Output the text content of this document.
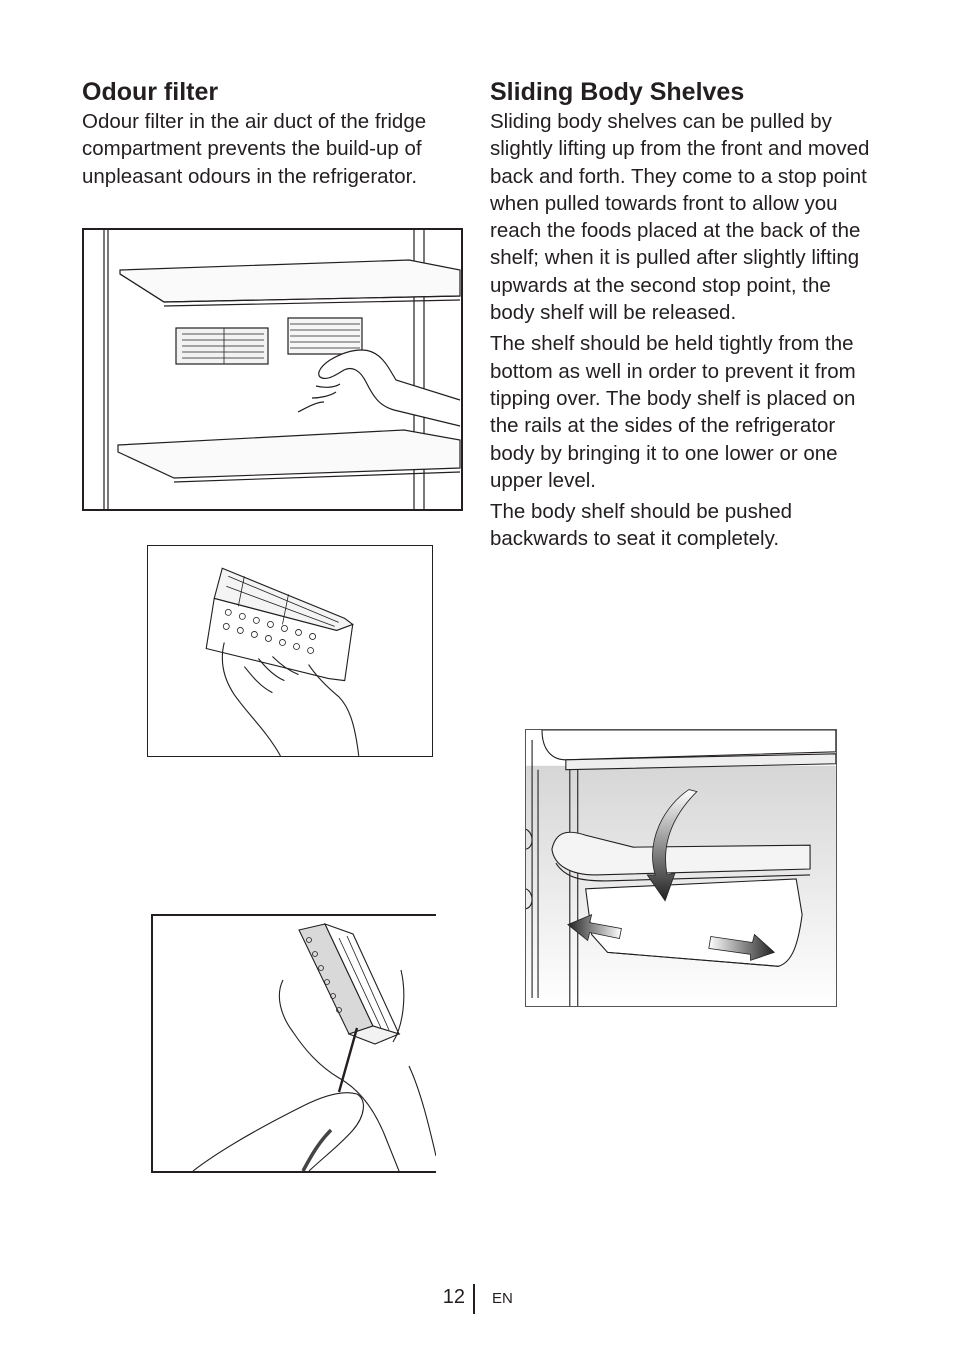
Odour filter

Odour filter in the air duct of the fridge compartment prevents the build-up of unpleasant odours in the refrigerator.

Sliding Body Shelves

Sliding body shelves can be pulled by slightly lifting up from the front and moved back and forth. They come to a stop point when pulled towards front to allow you reach the foods placed at the back of the shelf; when it is pulled after slightly lifting upwards at the second stop point, the body shelf will be released.

The shelf should be held tightly from the bottom as well in order to prevent it from tipping over. The body shelf is placed on the rails at the sides of the refrigerator body by bringing it to one lower or one upper level.

The body shelf should be pushed backwards to seat it completely.

12 EN
